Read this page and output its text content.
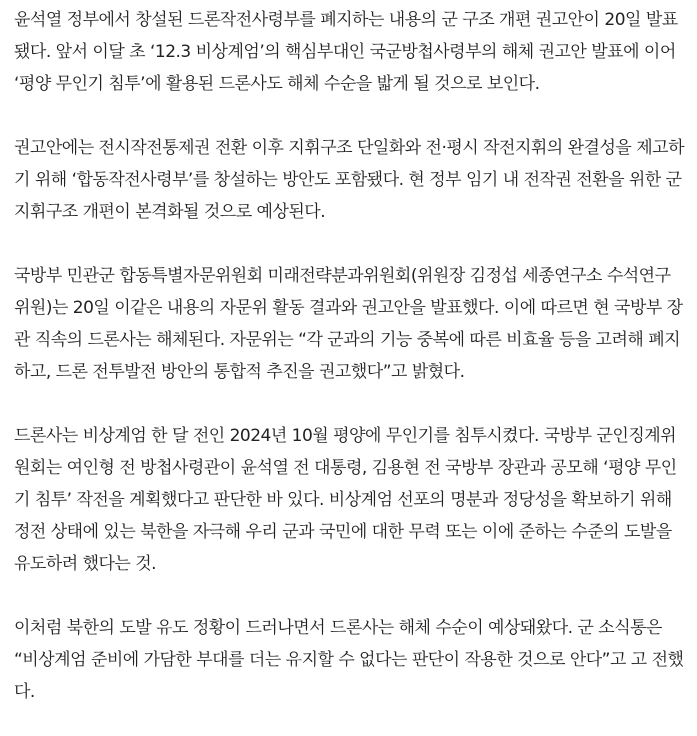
윤석열 정부에서 창설된 드론작전사령부를 폐지하는 내용의 군 구조 개편 권고안이 20일 발표
됐다. 앞서 이달 초 ‘12.3 비상계엄’의 핵심부대인 국군방첩사령부의 해체 권고안 발표에 이어
‘평양 무인기 침투’에 활용된 드론사도 해체 수순을 밟게 될 것으로 보인다.

권고안에는 전시작전통제권 전환 이후 지휘구조 단일화와 전·평시 작전지휘의 완결성을 제고하
기 위해 ‘합동작전사령부’를 창설하는 방안도 포함됐다. 현 정부 임기 내 전작권 전환을 위한 군
지휘구조 개편이 본격화될 것으로 예상된다.

국방부 민관군 합동특별자문위원회 미래전략분과위원회(위원장 김정섭 세종연구소 수석연구
위원)는 20일 이같은 내용의 자문위 활동 결과와 권고안을 발표했다. 이에 따르면 현 국방부 장
관 직속의 드론사는 해체된다. 자문위는 “각 군과의 기능 중복에 따른 비효율 등을 고려해 폐지
하고, 드론 전투발전 방안의 통합적 추진을 권고했다”고 밝혔다.

드론사는 비상계엄 한 달 전인 2024년 10월 평양에 무인기를 침투시켰다. 국방부 군인징계위
원회는 여인형 전 방첩사령관이 윤석열 전 대통령, 김용현 전 국방부 장관과 공모해 ‘평양 무인
기 침투’ 작전을 계획했다고 판단한 바 있다. 비상계엄 선포의 명분과 정당성을 확보하기 위해
정전 상태에 있는 북한을 자극해 우리 군과 국민에 대한 무력 또는 이에 준하는 수준의 도발을
유도하려 했다는 것.

이처럼 북한의 도발 유도 정황이 드러나면서 드론사는 해체 수순이 예상돼왔다. 군 소식통은
“비상계엄 준비에 가담한 부대를 더는 유지할 수 없다는 판단이 작용한 것으로 안다”고 고 전했
다.
